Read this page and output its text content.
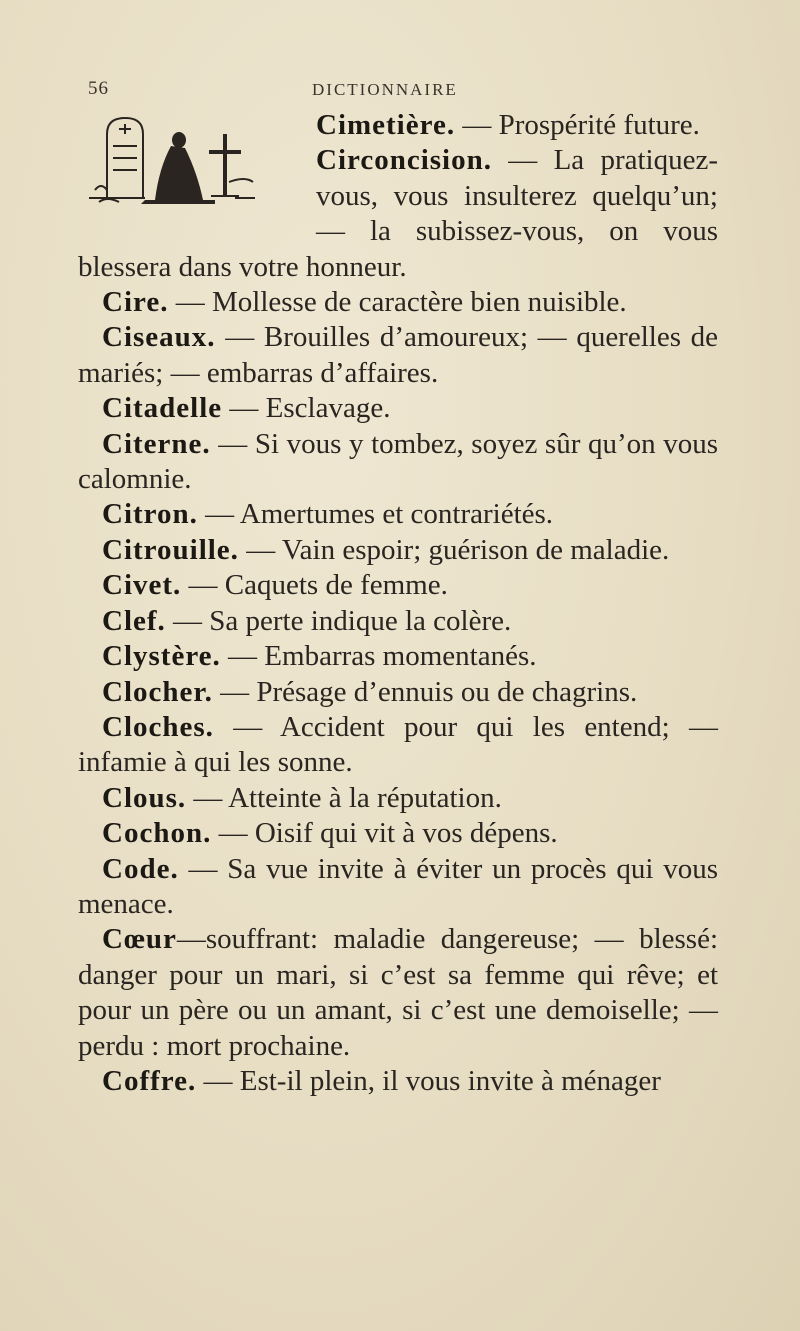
56	DICTIONNAIRE

Cimetière. — Prospérité future.

Circoncision. — La pratiquez-vous, vous insulterez quelqu’un; — la subissez-vous, on vous blessera dans votre honneur.

Cire. — Mollesse de caractère bien nuisible.

Ciseaux. — Brouilles d’amoureux; — querelles de mariés; — embarras d’affaires.

Citadelle — Esclavage.

Citerne. — Si vous y tombez, soyez sûr qu’on vous calomnie.

Citron. — Amertumes et contrariétés.

Citrouille. — Vain espoir; guérison de maladie.

Civet. — Caquets de femme.

Clef. — Sa perte indique la colère.

Clystère. — Embarras momentanés.

Clocher. — Présage d’ennuis ou de chagrins.

Cloches. — Accident pour qui les entend; — infamie à qui les sonne.

Clous. — Atteinte à la réputation.

Cochon. — Oisif qui vit à vos dépens.

Code. — Sa vue invite à éviter un procès qui vous menace.

Cœur—souffrant: maladie dangereuse; — blessé: danger pour un mari, si c’est sa femme qui rêve; et pour un père ou un amant, si c’est une demoiselle; — perdu : mort prochaine.

Coffre. — Est-il plein, il vous invite à ménager
